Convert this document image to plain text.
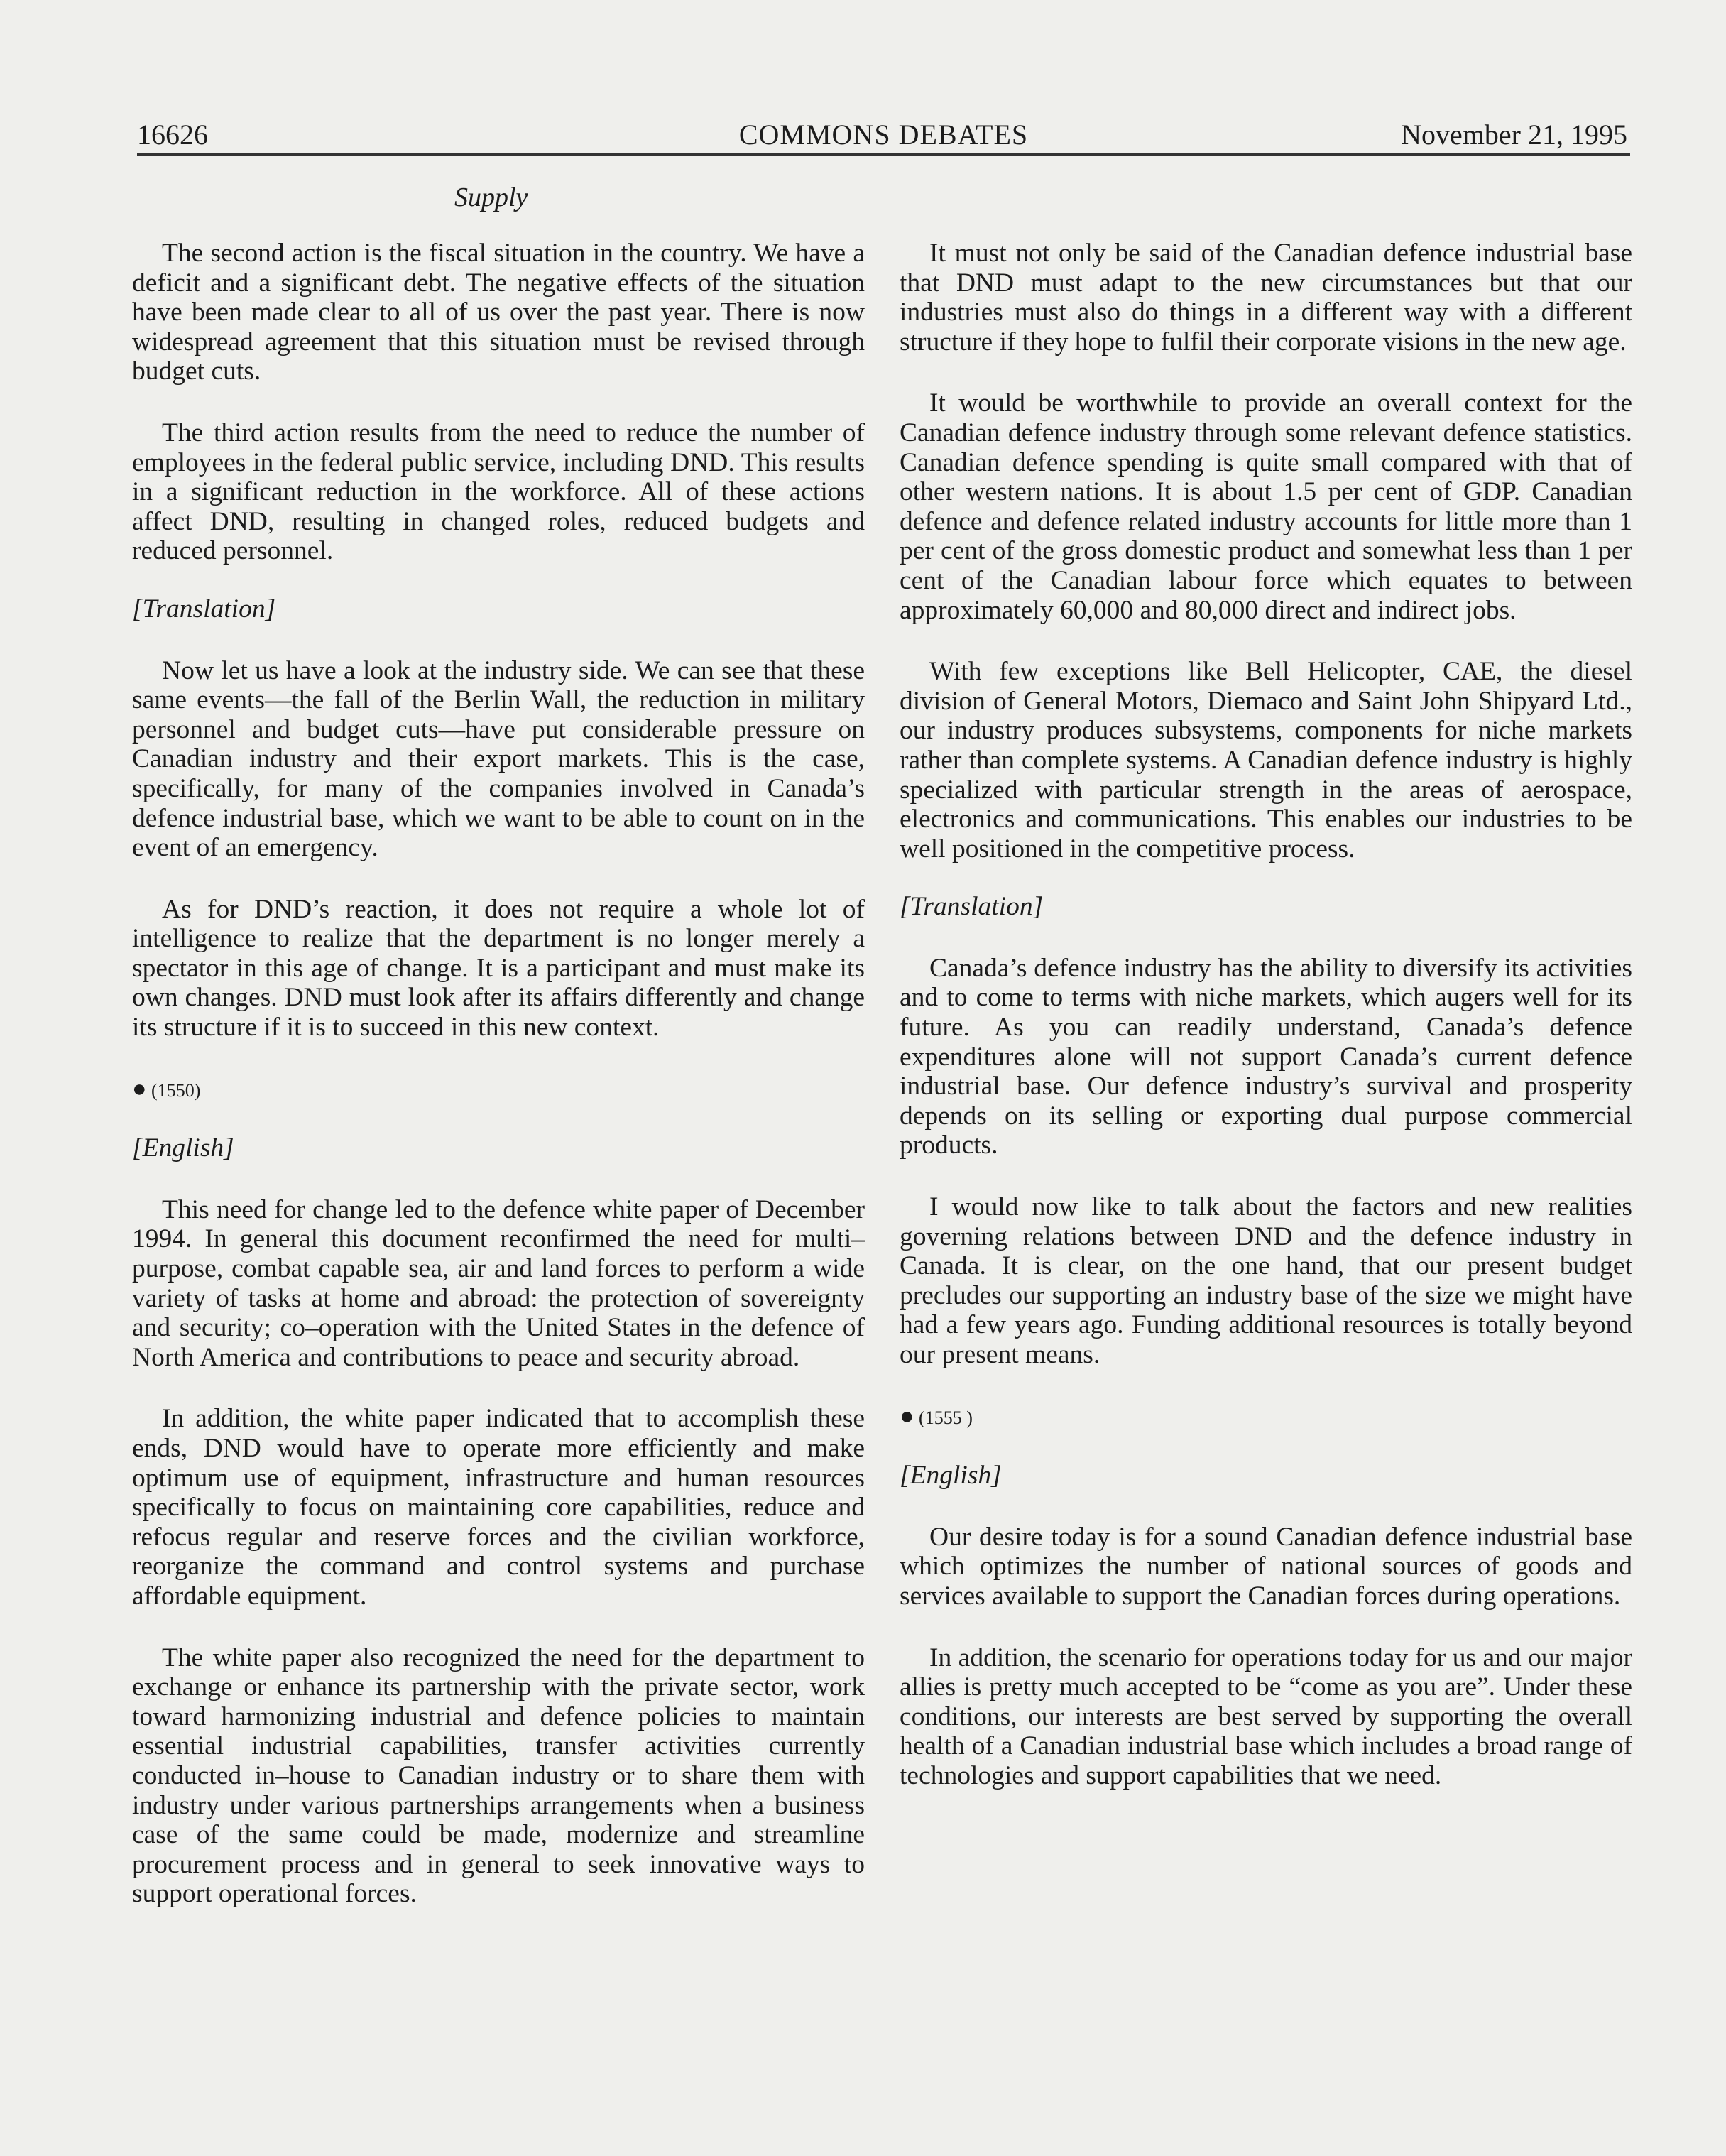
16626	COMMONS DEBATES	November 21, 1995
Supply

The second action is the fiscal situation in the country. We have a deficit and a significant debt. The negative effects of the situation have been made clear to all of us over the past year. There is now widespread agreement that this situation must be revised through budget cuts.

The third action results from the need to reduce the number of employees in the federal public service, including DND. This results in a significant reduction in the workforce. All of these actions affect DND, resulting in changed roles, reduced budgets and reduced personnel.

[Translation]

Now let us have a look at the industry side. We can see that these same events—the fall of the Berlin Wall, the reduction in military personnel and budget cuts—have put considerable pressure on Canadian industry and their export markets. This is the case, specifically, for many of the companies involved in Canada’s defence industrial base, which we want to be able to count on in the event of an emergency.

As for DND’s reaction, it does not require a whole lot of intelligence to realize that the department is no longer merely a spectator in this age of change. It is a participant and must make its own changes. DND must look after its affairs differently and change its structure if it is to succeed in this new context.

● (1550)

[English]

This need for change led to the defence white paper of December 1994. In general this document reconfirmed the need for multi–purpose, combat capable sea, air and land forces to perform a wide variety of tasks at home and abroad: the protection of sovereignty and security; co–operation with the United States in the defence of North America and contributions to peace and security abroad.

In addition, the white paper indicated that to accomplish these ends, DND would have to operate more efficiently and make optimum use of equipment, infrastructure and human resources specifically to focus on maintaining core capabilities, reduce and refocus regular and reserve forces and the civilian workforce, reorganize the command and control systems and purchase affordable equipment.

The white paper also recognized the need for the department to exchange or enhance its partnership with the private sector, work toward harmonizing industrial and defence policies to maintain essential industrial capabilities, transfer activities currently conducted in–house to Canadian industry or to share them with industry under various partnerships arrangements when a business case of the same could be made, modernize and streamline procurement process and in general to seek innovative ways to support operational forces.

It must not only be said of the Canadian defence industrial base that DND must adapt to the new circumstances but that our industries must also do things in a different way with a different structure if they hope to fulfil their corporate visions in the new age.

It would be worthwhile to provide an overall context for the Canadian defence industry through some relevant defence statistics. Canadian defence spending is quite small compared with that of other western nations. It is about 1.5 per cent of GDP. Canadian defence and defence related industry accounts for little more than 1 per cent of the gross domestic product and somewhat less than 1 per cent of the Canadian labour force which equates to between approximately 60,000 and 80,000 direct and indirect jobs.

With few exceptions like Bell Helicopter, CAE, the diesel division of General Motors, Diemaco and Saint John Shipyard Ltd., our industry produces subsystems, components for niche markets rather than complete systems. A Canadian defence industry is highly specialized with particular strength in the areas of aerospace, electronics and communications. This enables our industries to be well positioned in the competitive process.

[Translation]

Canada’s defence industry has the ability to diversify its activities and to come to terms with niche markets, which augers well for its future. As you can readily understand, Canada’s defence expenditures alone will not support Canada’s current defence industrial base. Our defence industry’s survival and prosperity depends on its selling or exporting dual purpose commercial products.

I would now like to talk about the factors and new realities governing relations between DND and the defence industry in Canada. It is clear, on the one hand, that our present budget precludes our supporting an industry base of the size we might have had a few years ago. Funding additional resources is totally beyond our present means.

● (1555 )

[English]

Our desire today is for a sound Canadian defence industrial base which optimizes the number of national sources of goods and services available to support the Canadian forces during operations.

In addition, the scenario for operations today for us and our major allies is pretty much accepted to be “come as you are”. Under these conditions, our interests are best served by supporting the overall health of a Canadian industrial base which includes a broad range of technologies and support capabilities that we need.
